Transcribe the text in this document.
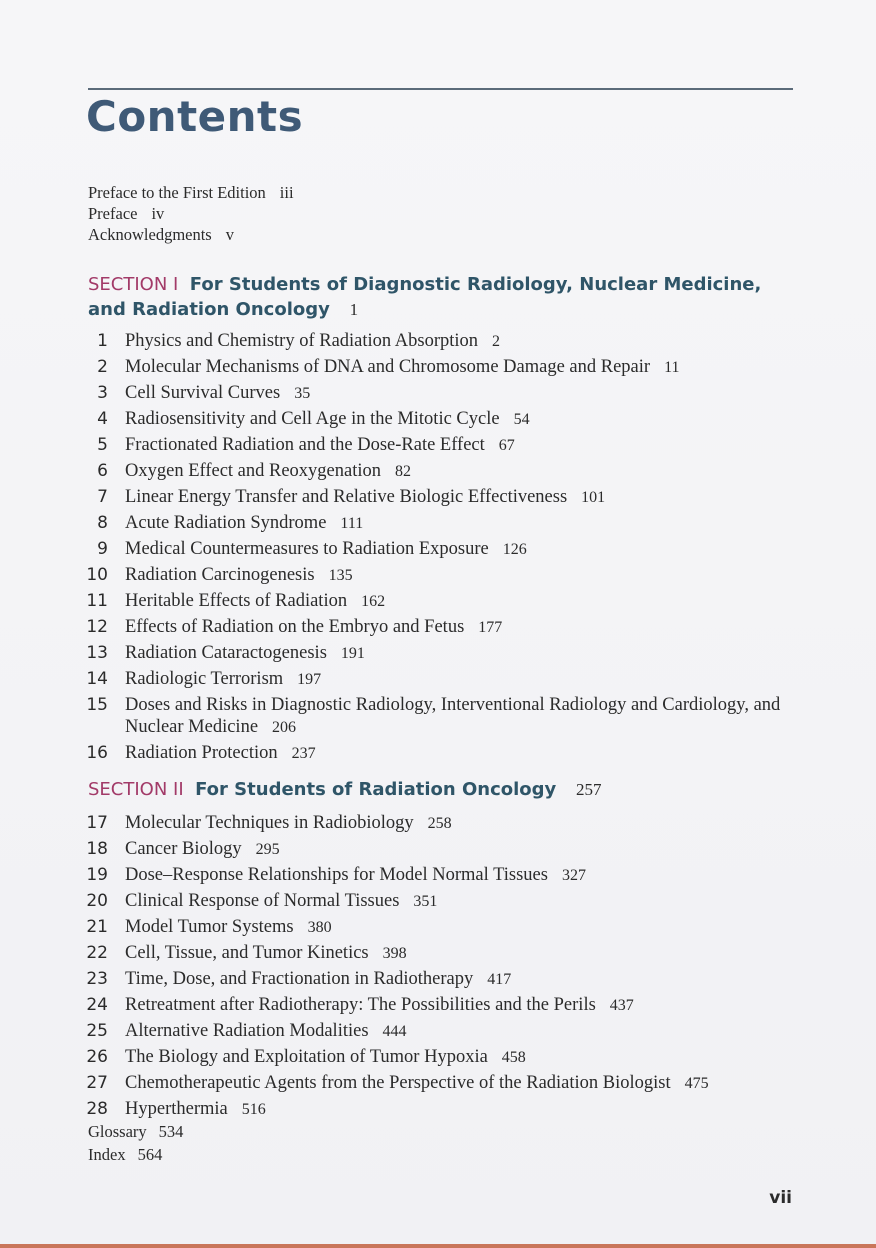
Contents
Preface to the First Edition iii
Preface iv
Acknowledgments v
SECTION I For Students of Diagnostic Radiology, Nuclear Medicine, and Radiation Oncology 1
1 Physics and Chemistry of Radiation Absorption 2
2 Molecular Mechanisms of DNA and Chromosome Damage and Repair 11
3 Cell Survival Curves 35
4 Radiosensitivity and Cell Age in the Mitotic Cycle 54
5 Fractionated Radiation and the Dose-Rate Effect 67
6 Oxygen Effect and Reoxygenation 82
7 Linear Energy Transfer and Relative Biologic Effectiveness 101
8 Acute Radiation Syndrome 111
9 Medical Countermeasures to Radiation Exposure 126
10 Radiation Carcinogenesis 135
11 Heritable Effects of Radiation 162
12 Effects of Radiation on the Embryo and Fetus 177
13 Radiation Cataractogenesis 191
14 Radiologic Terrorism 197
15 Doses and Risks in Diagnostic Radiology, Interventional Radiology and Cardiology, and Nuclear Medicine 206
16 Radiation Protection 237
SECTION II For Students of Radiation Oncology 257
17 Molecular Techniques in Radiobiology 258
18 Cancer Biology 295
19 Dose–Response Relationships for Model Normal Tissues 327
20 Clinical Response of Normal Tissues 351
21 Model Tumor Systems 380
22 Cell, Tissue, and Tumor Kinetics 398
23 Time, Dose, and Fractionation in Radiotherapy 417
24 Retreatment after Radiotherapy: The Possibilities and the Perils 437
25 Alternative Radiation Modalities 444
26 The Biology and Exploitation of Tumor Hypoxia 458
27 Chemotherapeutic Agents from the Perspective of the Radiation Biologist 475
28 Hyperthermia 516
Glossary 534
Index 564
vii
